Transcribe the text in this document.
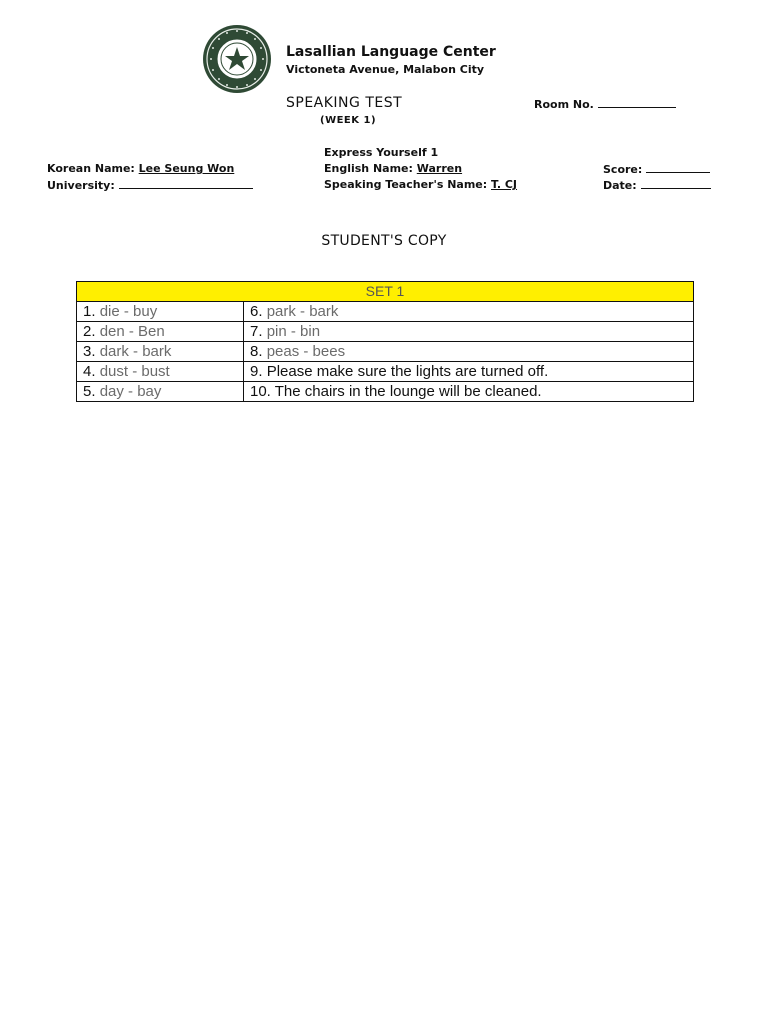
Lasallian Language Center
Victoneta Avenue, Malabon City
SPEAKING TEST	Room No.
(WEEK 1)
Express Yourself 1
Korean Name: Lee Seung Won	English Name: Warren	Score:
University:	Speaking Teacher's Name: T. CJ	Date:
STUDENT'S COPY
SET 1	
1. die - buy	6. park - bark
2. den - Ben	7. pin - bin
3. dark - bark	8. peas - bees
4. dust - bust	9. Please make sure the lights are turned off.
5. day - bay	10. The chairs in the lounge will be cleaned.
